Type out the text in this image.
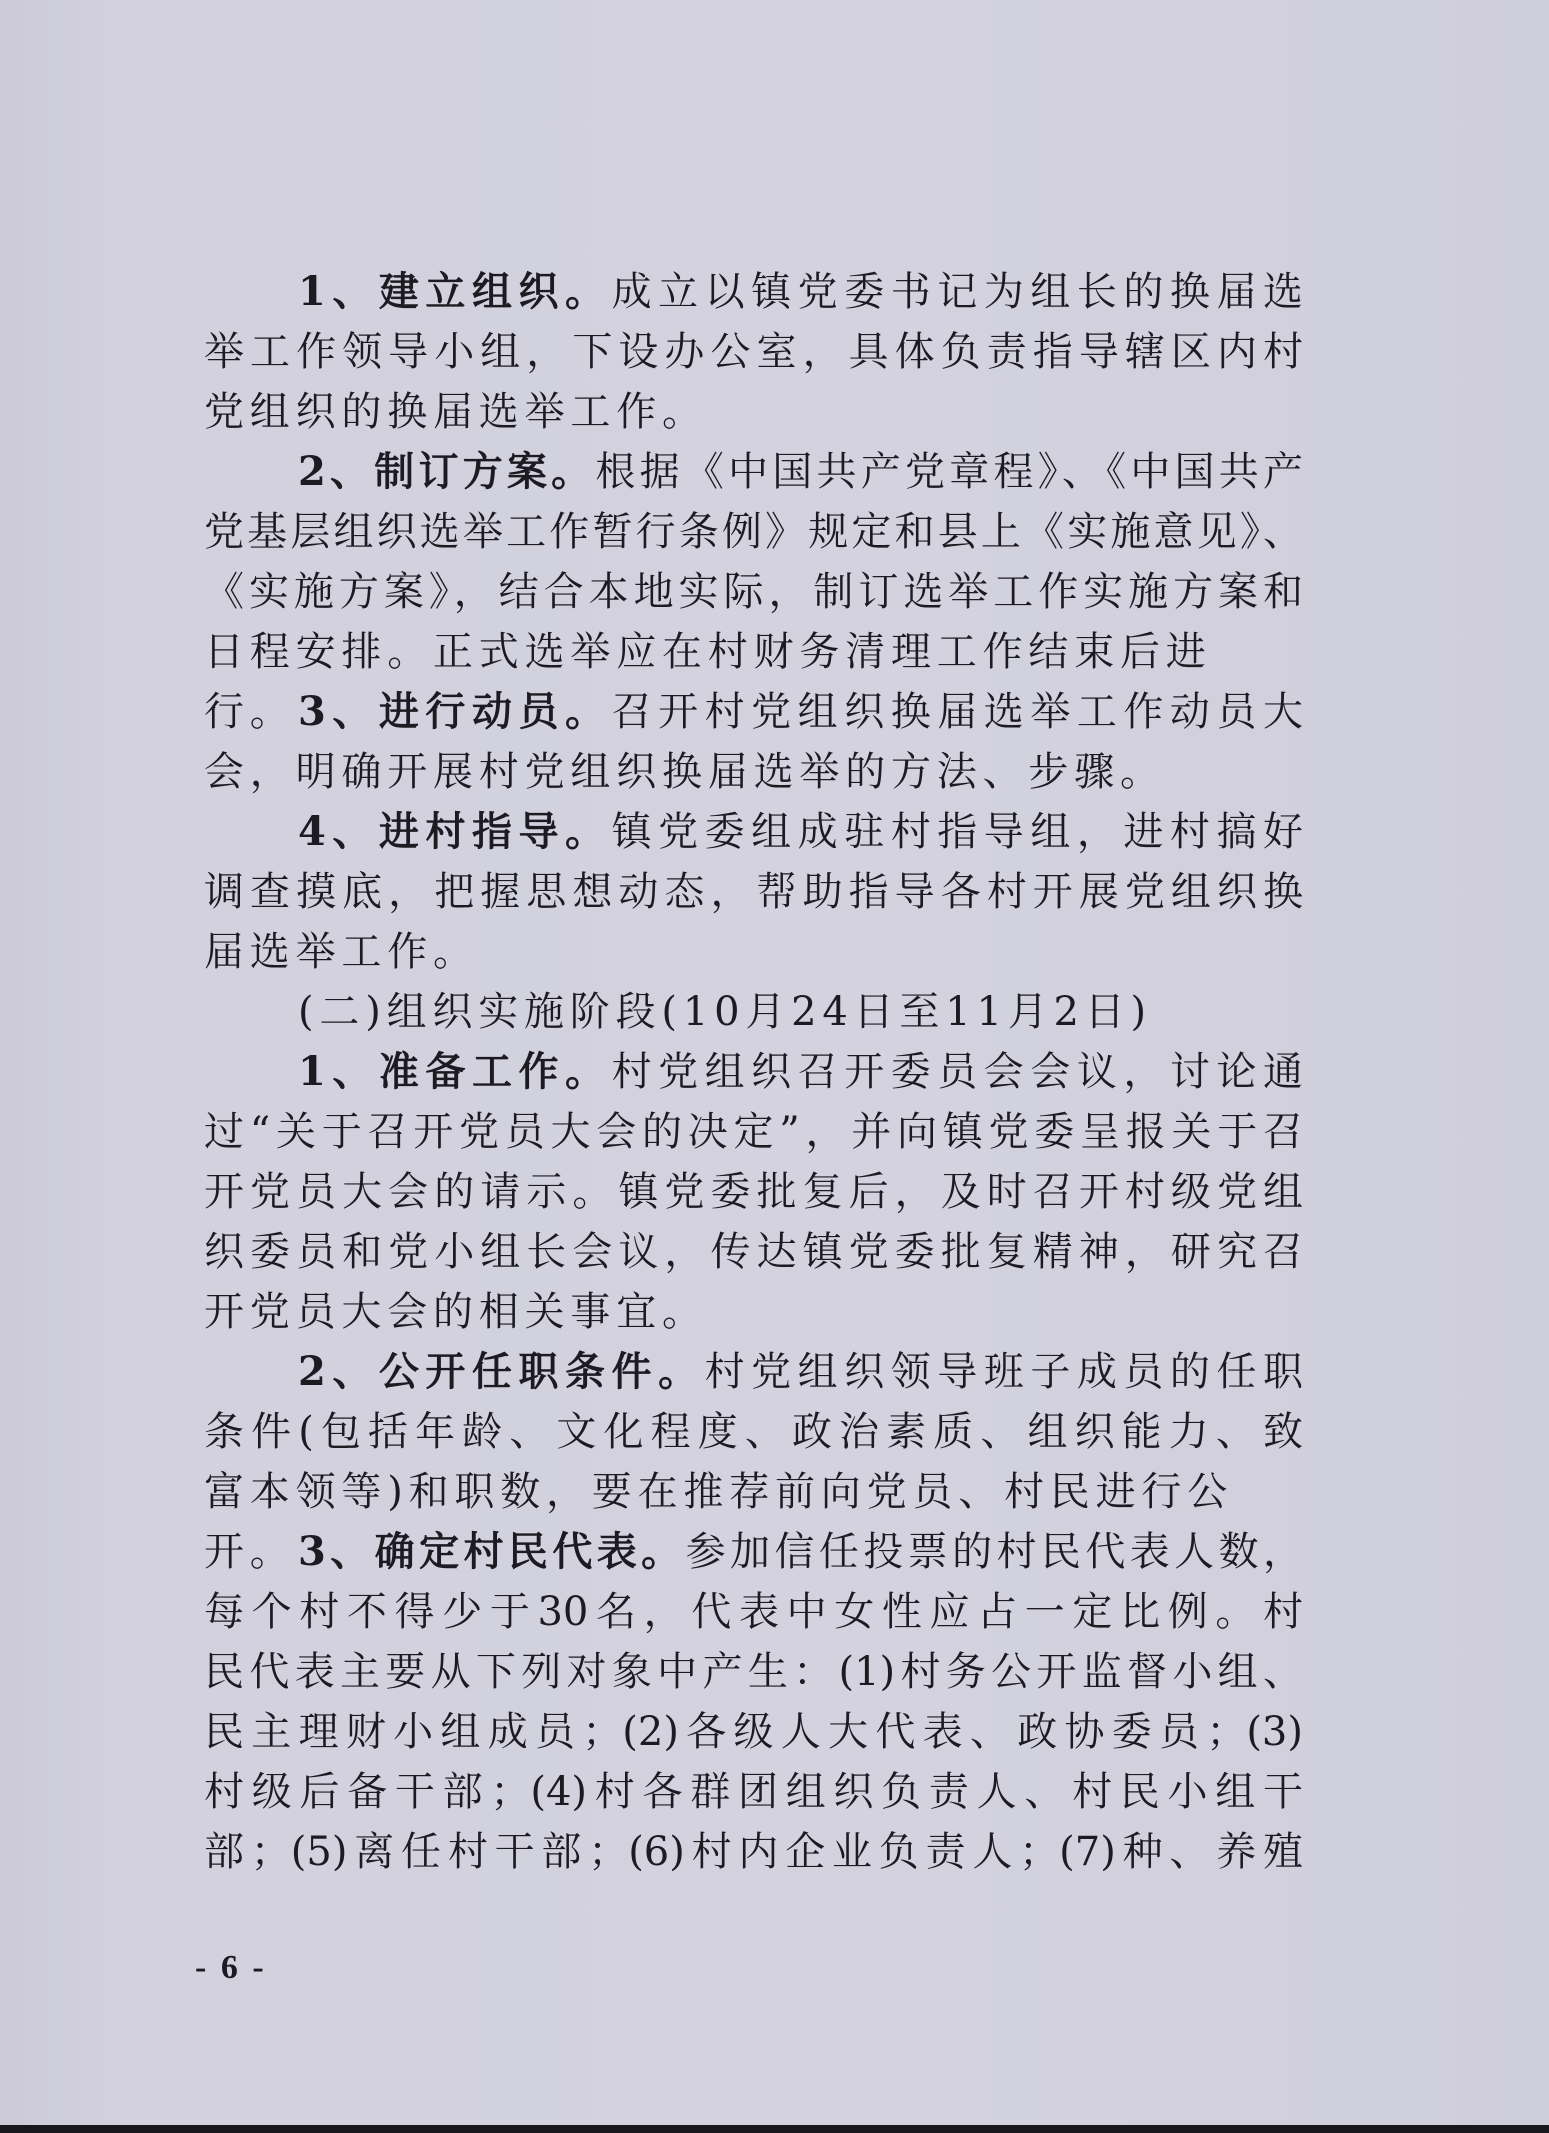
1、建立组织。成立以镇党委书记为组长的换届选
举工作领导小组，下设办公室，具体负责指导辖区内村
党组织的换届选举工作。
2、制订方案。根据《中国共产党章程》、《中国共产
党基层组织选举工作暂行条例》规定和县上《实施意见》、
《实施方案》，结合本地实际，制订选举工作实施方案和
日程安排。正式选举应在村财务清理工作结束后进行。 3、进行动员。召开村党组织换届选举工作动员大
会，明确开展村党组织换届选举的方法、步骤。
4、进村指导。镇党委组成驻村指导组，进村搞好
调查摸底，把握思想动态，帮助指导各村开展党组织换
届选举工作。
(二)组织实施阶段(10月24日至11月2日)
1、准备工作。村党组织召开委员会会议，讨论通
过“关于召开党员大会的决定”，并向镇党委呈报关于召
开党员大会的请示。镇党委批复后，及时召开村级党组
织委员和党小组长会议，传达镇党委批复精神，研究召
开党员大会的相关事宜。
2、公开任职条件。村党组织领导班子成员的任职
条件(包括年龄、文化程度、政治素质、组织能力、致
富本领等)和职数，要在推荐前向党员、村民进行公开。 3、确定村民代表。参加信任投票的村民代表人数，
每个村不得少于30名，代表中女性应占一定比例。村
民代表主要从下列对象中产生：(1)村务公开监督小组、
民主理财小组成员；(2)各级人大代表、政协委员；(3)
村级后备干部；(4)村各群团组织负责人、村民小组干
部；(5)离任村干部；(6)村内企业负责人；(7)种、养殖
- 6 -
